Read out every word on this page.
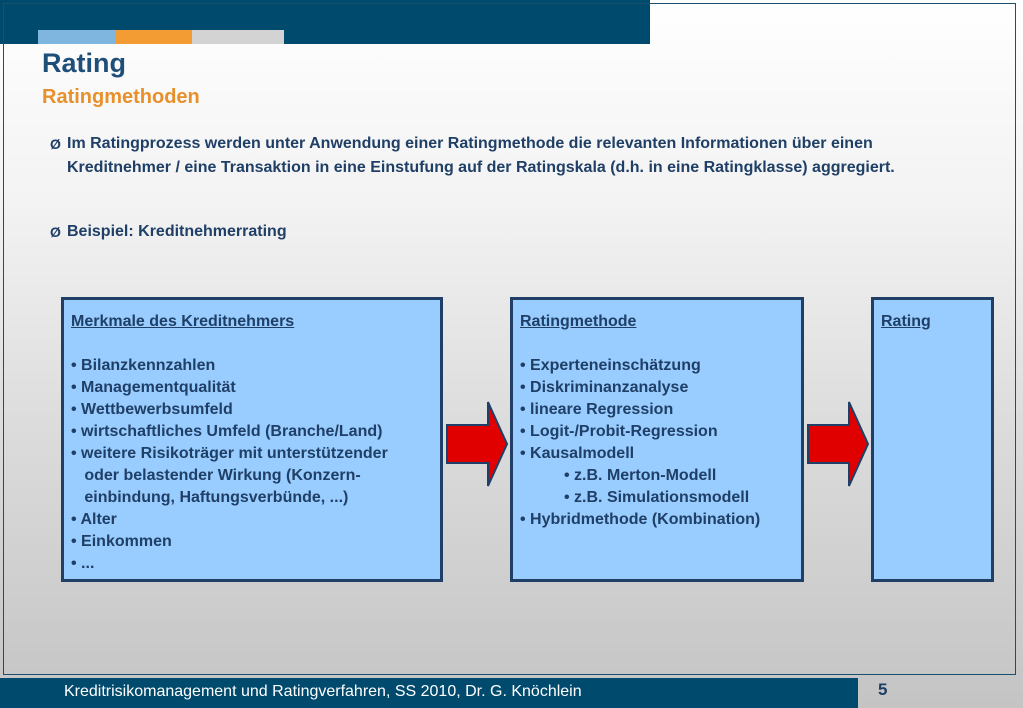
Rating
Ratingmethoden
Ø Im Ratingprozess werden unter Anwendung einer Ratingmethode die relevanten Informationen über einen Kreditnehmer / eine Transaktion in eine Einstufung auf der Ratingskala (d.h. in eine Ratingklasse) aggregiert.
Ø Beispiel: Kreditnehmerrating
Merkmale des Kreditnehmers
• Bilanzkennzahlen
• Managementqualität
• Wettbewerbsumfeld
• wirtschaftliches Umfeld (Branche/Land)
• weitere Risikoträger mit unterstützender
oder belastender Wirkung (Konzern-
einbindung, Haftungsverbünde, ...)
• Alter
• Einkommen
• ...
Ratingmethode
• Experteneinschätzung
• Diskriminanzanalyse
• lineare Regression
• Logit-/Probit-Regression
• Kausalmodell
• z.B. Merton-Modell
• z.B. Simulationsmodell
• Hybridmethode (Kombination)
Rating
Kreditrisikomanagement und Ratingverfahren, SS 2010, Dr. G. Knöchlein	5
